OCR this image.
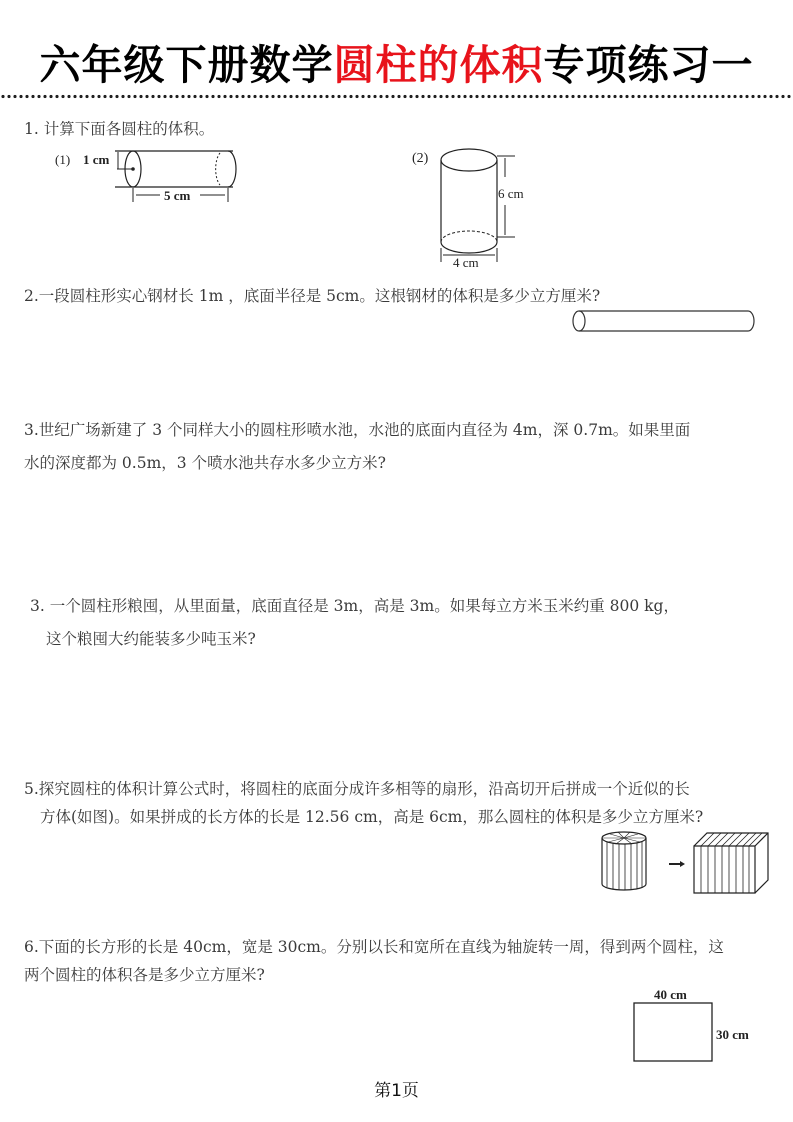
六年级下册数学圆柱的体积专项练习一
1. 计算下面各圆柱的体积。
(1) 1 cm
5 cm
(2)
6 cm
4 cm
2.一段圆柱形实心钢材长 1m ，底面半径是 5cm。这根钢材的体积是多少立方厘米?
3.世纪广场新建了 3 个同样大小的圆柱形喷水池，水池的底面内直径为 4m，深 0.7m。如果里面
水的深度都为 0.5m，3 个喷水池共存水多少立方米?
3. 一个圆柱形粮囤，从里面量，底面直径是 3m，高是 3m。如果每立方米玉米约重 800 kg，
这个粮囤大约能装多少吨玉米?
5.探究圆柱的体积计算公式时，将圆柱的底面分成许多相等的扇形，沿高切开后拼成一个近似的长
方体(如图)。如果拼成的长方体的长是 12.56 cm，高是 6cm，那么圆柱的体积是多少立方厘米?
6.下面的长方形的长是 40cm，宽是 30cm。分别以长和宽所在直线为轴旋转一周，得到两个圆柱，这
两个圆柱的体积各是多少立方厘米?
40 cm
30 cm
第1页
